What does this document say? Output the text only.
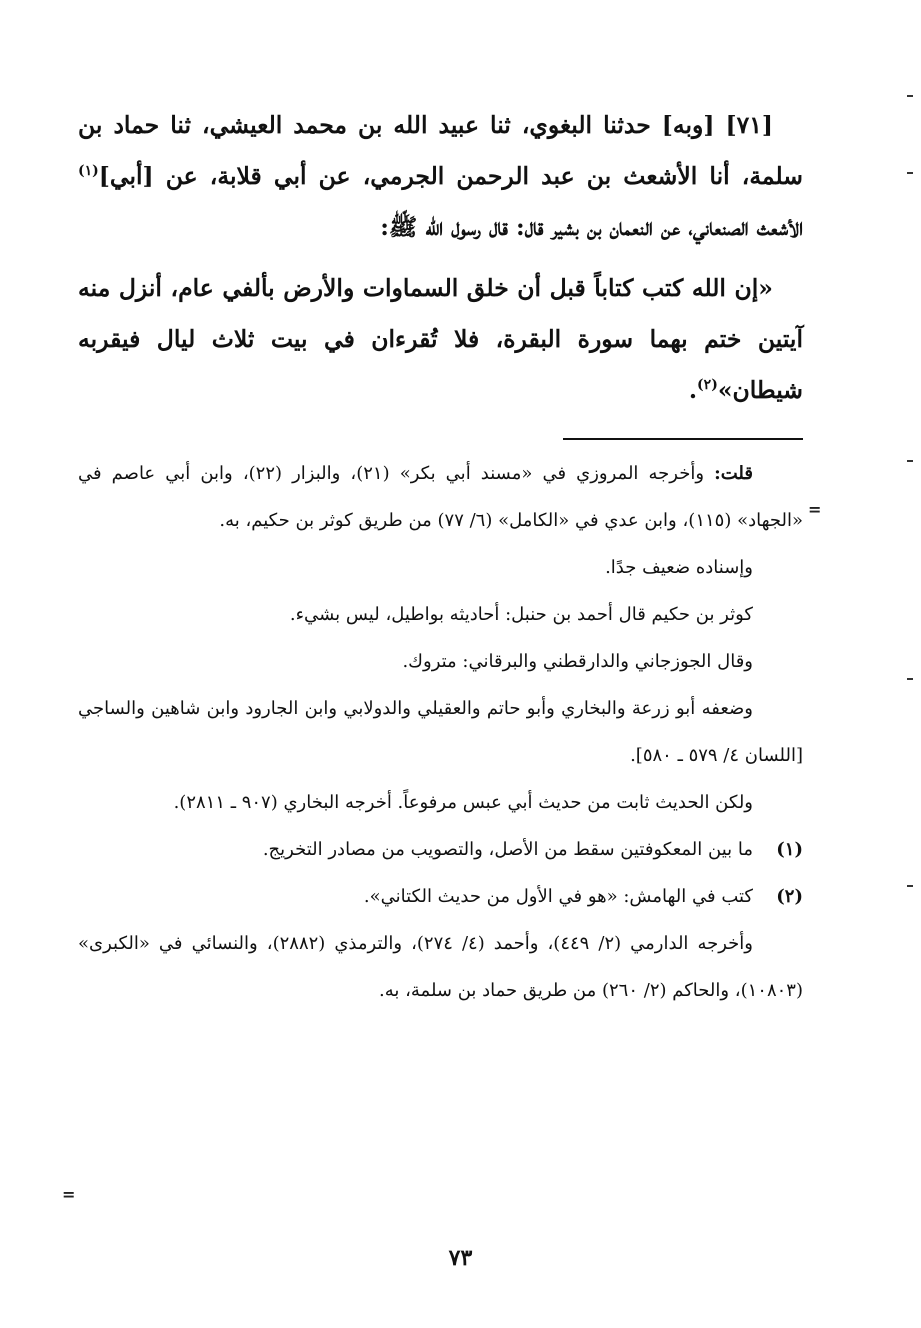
[٧١] [وبه] حدثنا البغوي، ثنا عبيد الله بن محمد العيشي، ثنا حماد بن سلمة، أنا الأشعث بن عبد الرحمن الجرمي، عن أبي قلابة، عن [أبي]$^{(١)}$ الأشعث الصنعاني، عن النعمان بن بشير قال: قال رسول الله ﷺ:

«إن الله كتب كتاباً قبل أن خلق السماوات والأرض بألفي عام، أنزل منه آيتين ختم بهما سورة البقرة، فلا تُقرءان في بيت ثلاث ليال فيقربه شيطان»$^{(٢)}$.

قلت: وأخرجه المروزي في «مسند أبي بكر» (٢١)، والبزار (٢٢)، وابن أبي عاصم في «الجهاد» (١١٥)، وابن عدي في «الكامل» (٦/ ٧٧) من طريق كوثر بن حكيم، به.

وإسناده ضعيف جدًا.

كوثر بن حكيم قال أحمد بن حنبل: أحاديثه بواطيل، ليس بشيء.

وقال الجوزجاني والدارقطني والبرقاني: متروك.

وضعفه أبو زرعة والبخاري وأبو حاتم والعقيلي والدولابي وابن الجارود وابن شاهين والساجي [اللسان ٤/ ٥٧٩ ـ ٥٨٠].

ولكن الحديث ثابت من حديث أبي عبس مرفوعاً. أخرجه البخاري (٩٠٧ ـ ٢٨١١).

(١)
ما بين المعكوفتين سقط من الأصل، والتصويب من مصادر التخريج.
(٢)
كتب في الهامش: «هو في الأول من حديث الكتاني».

وأخرجه الدارمي (٢/ ٤٤٩)، وأحمد (٤/ ٢٧٤)، والترمذي (٢٨٨٢)، والنسائي في «الكبرى» (١٠٨٠٣)، والحاكم (٢/ ٢٦٠) من طريق حماد بن سلمة، به.

=
=
٧٣
